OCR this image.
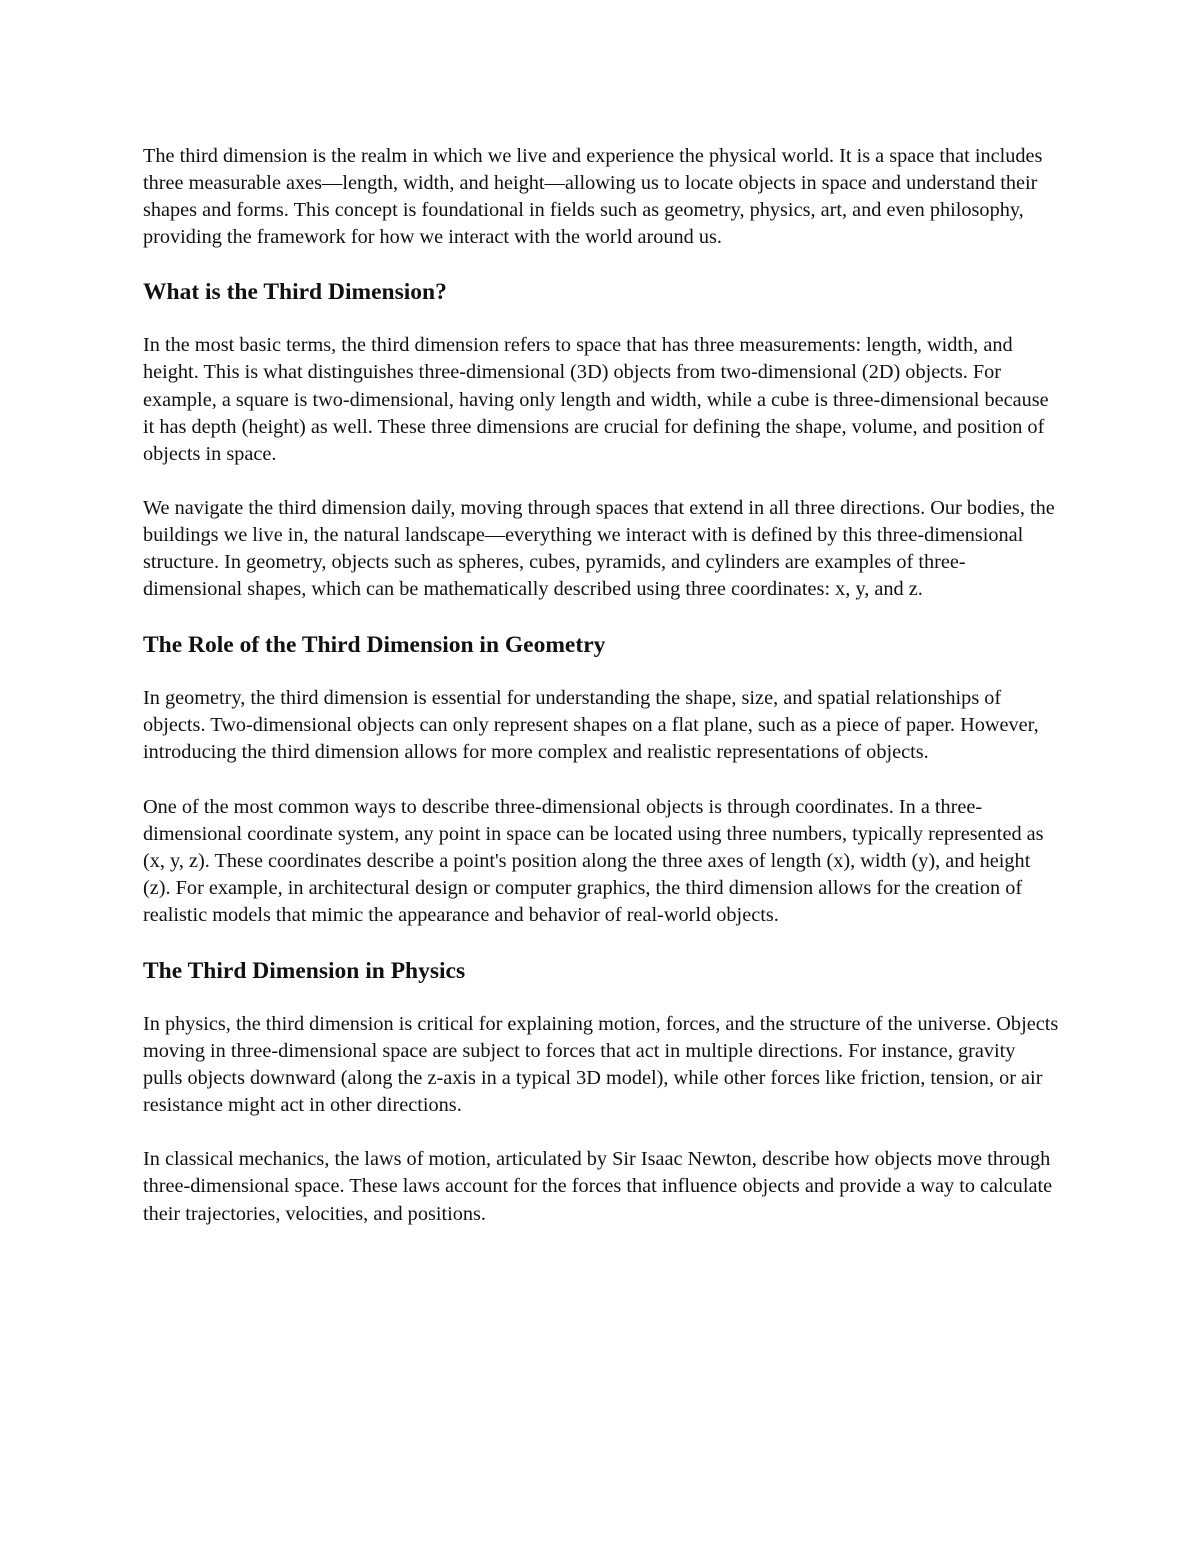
The third dimension is the realm in which we live and experience the physical world. It is a space that includes three measurable axes—length, width, and height—allowing us to locate objects in space and understand their shapes and forms. This concept is foundational in fields such as geometry, physics, art, and even philosophy, providing the framework for how we interact with the world around us.

What is the Third Dimension?

In the most basic terms, the third dimension refers to space that has three measurements: length, width, and height. This is what distinguishes three-dimensional (3D) objects from two-dimensional (2D) objects. For example, a square is two-dimensional, having only length and width, while a cube is three-dimensional because it has depth (height) as well. These three dimensions are crucial for defining the shape, volume, and position of objects in space.

We navigate the third dimension daily, moving through spaces that extend in all three directions. Our bodies, the buildings we live in, the natural landscape—everything we interact with is defined by this three-dimensional structure. In geometry, objects such as spheres, cubes, pyramids, and cylinders are examples of three-dimensional shapes, which can be mathematically described using three coordinates: x, y, and z.

The Role of the Third Dimension in Geometry

In geometry, the third dimension is essential for understanding the shape, size, and spatial relationships of objects. Two-dimensional objects can only represent shapes on a flat plane, such as a piece of paper. However, introducing the third dimension allows for more complex and realistic representations of objects.

One of the most common ways to describe three-dimensional objects is through coordinates. In a three-dimensional coordinate system, any point in space can be located using three numbers, typically represented as (x, y, z). These coordinates describe a point's position along the three axes of length (x), width (y), and height (z). For example, in architectural design or computer graphics, the third dimension allows for the creation of realistic models that mimic the appearance and behavior of real-world objects.

The Third Dimension in Physics

In physics, the third dimension is critical for explaining motion, forces, and the structure of the universe. Objects moving in three-dimensional space are subject to forces that act in multiple directions. For instance, gravity pulls objects downward (along the z-axis in a typical 3D model), while other forces like friction, tension, or air resistance might act in other directions.

In classical mechanics, the laws of motion, articulated by Sir Isaac Newton, describe how objects move through three-dimensional space. These laws account for the forces that influence objects and provide a way to calculate their trajectories, velocities, and positions.
